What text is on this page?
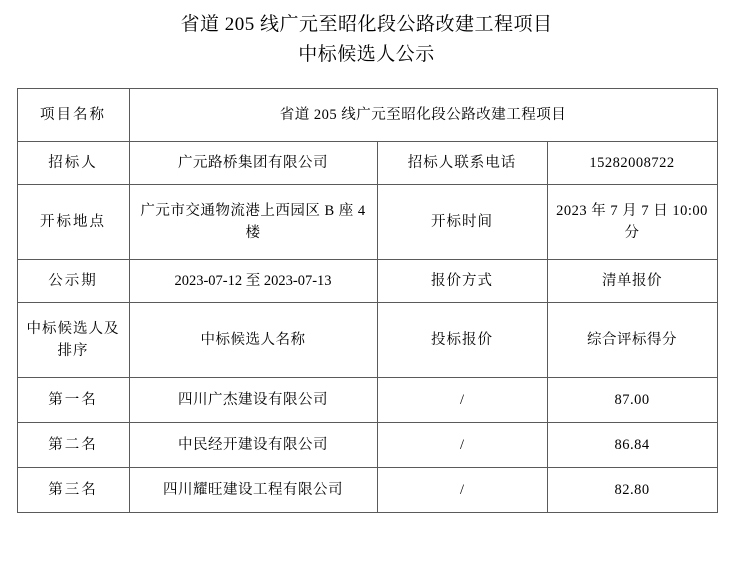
省道 205 线广元至昭化段公路改建工程项目
中标候选人公示
项目名称	省道 205 线广元至昭化段公路改建工程项目		
招标人	广元路桥集团有限公司	招标人联系电话	15282008722
开标地点	广元市交通物流港上西园区 B 座 4 楼	开标时间	2023 年 7 月 7 日 10:00 分
公示期	2023-07-12 至 2023-07-13	报价方式	清单报价
中标候选人及排序	中标候选人名称	投标报价	综合评标得分
第一名	四川广杰建设有限公司	/	87.00
第二名	中民经开建设有限公司	/	86.84
第三名	四川耀旺建设工程有限公司	/	82.80
